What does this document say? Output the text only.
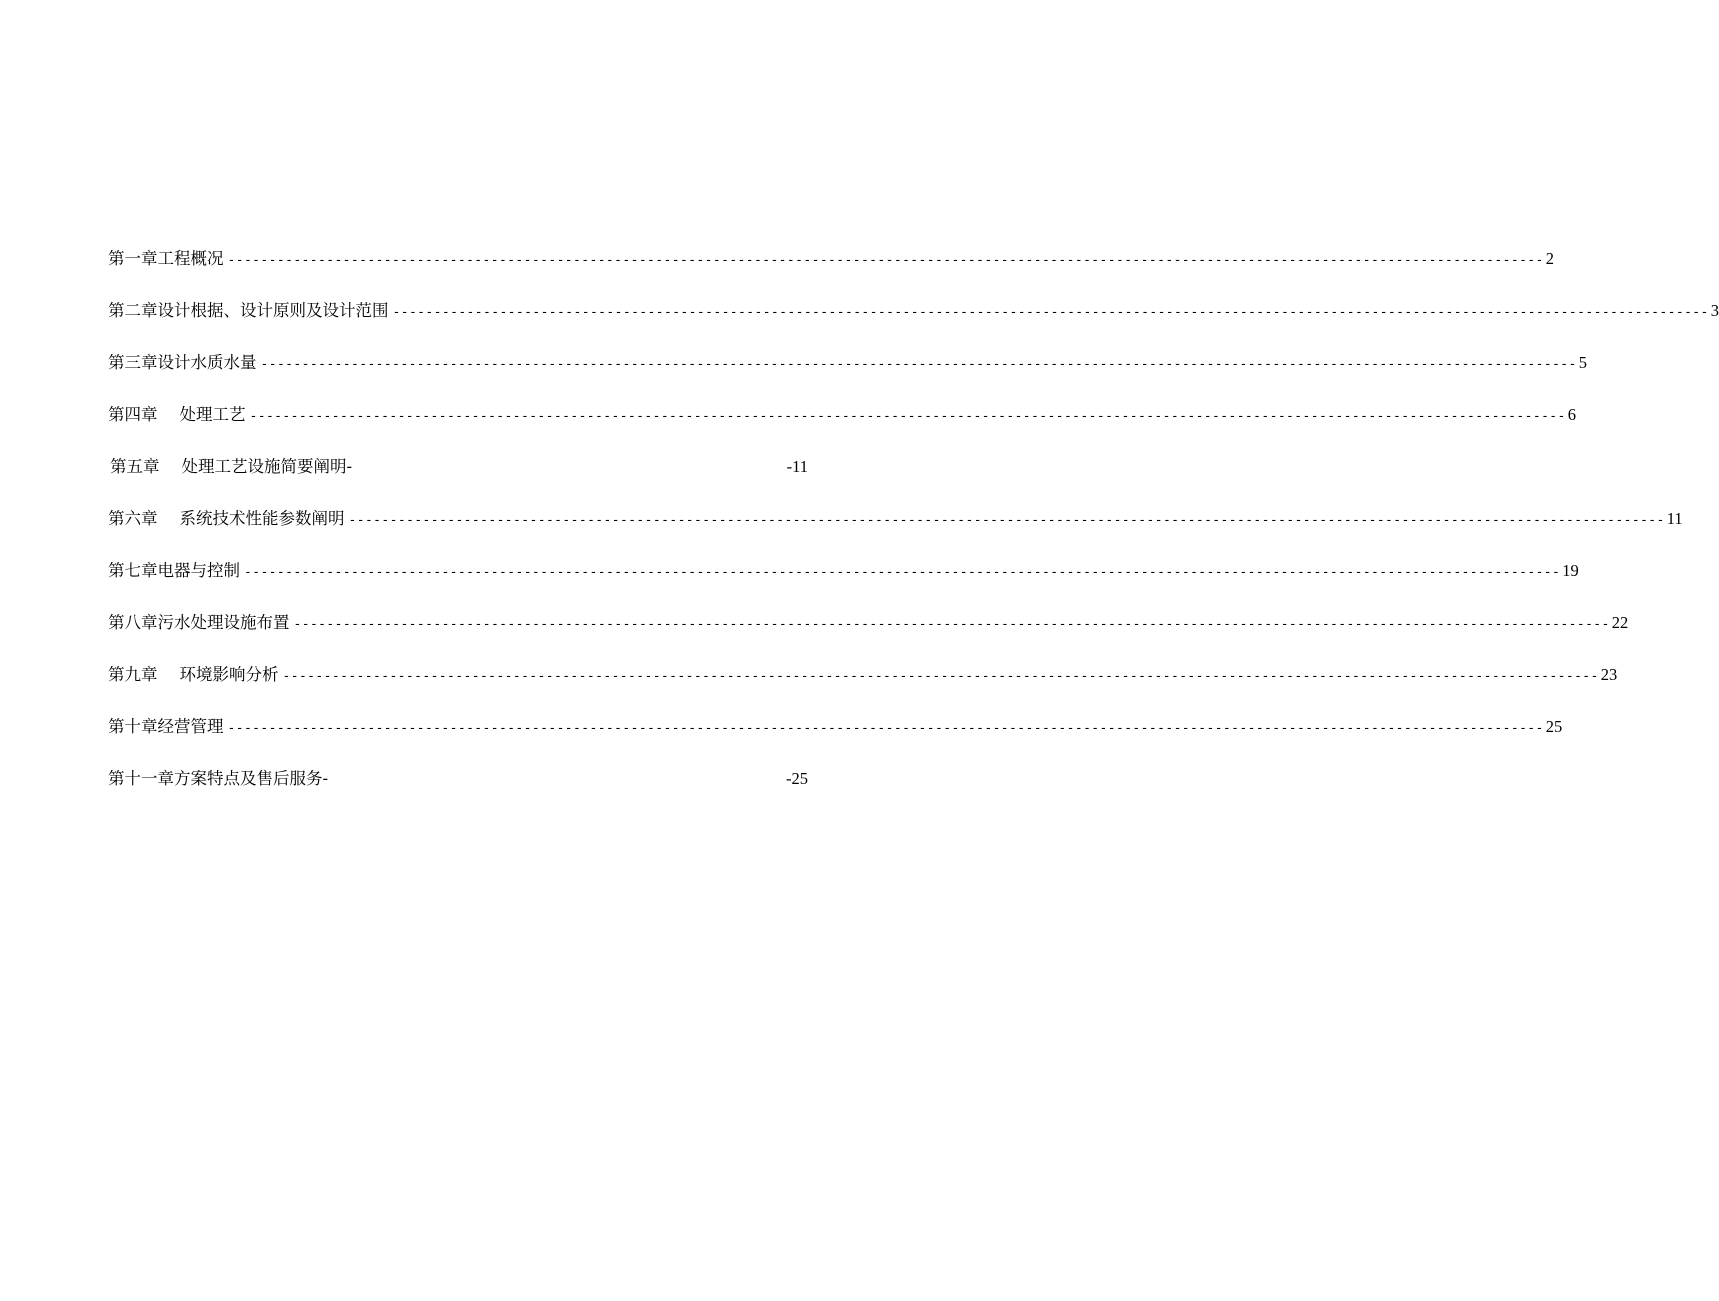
第一章工程概况 ---------------------------------------------------------------------------------------------------------------------------------------------------------------- 2
第二章设计根据、设计原则及设计范围 ---------------------------------------------------------------------------------------------------------------------------------------------------------------- 3
第三章设计水质水量 ---------------------------------------------------------------------------------------------------------------------------------------------------------------- 5
第四章 处理工艺 ---------------------------------------------------------------------------------------------------------------------------------------------------------------- 6
第五章 处理工艺设施简要阐明-	-11
第六章 系统技术性能参数阐明 ---------------------------------------------------------------------------------------------------------------------------------------------------------------- 11
第七章电器与控制 ---------------------------------------------------------------------------------------------------------------------------------------------------------------- 19
第八章污水处理设施布置 ---------------------------------------------------------------------------------------------------------------------------------------------------------------- 22
第九章 环境影响分析 ---------------------------------------------------------------------------------------------------------------------------------------------------------------- 23
第十章经营管理 ---------------------------------------------------------------------------------------------------------------------------------------------------------------- 25
第十一章方案特点及售后服务-	-25
